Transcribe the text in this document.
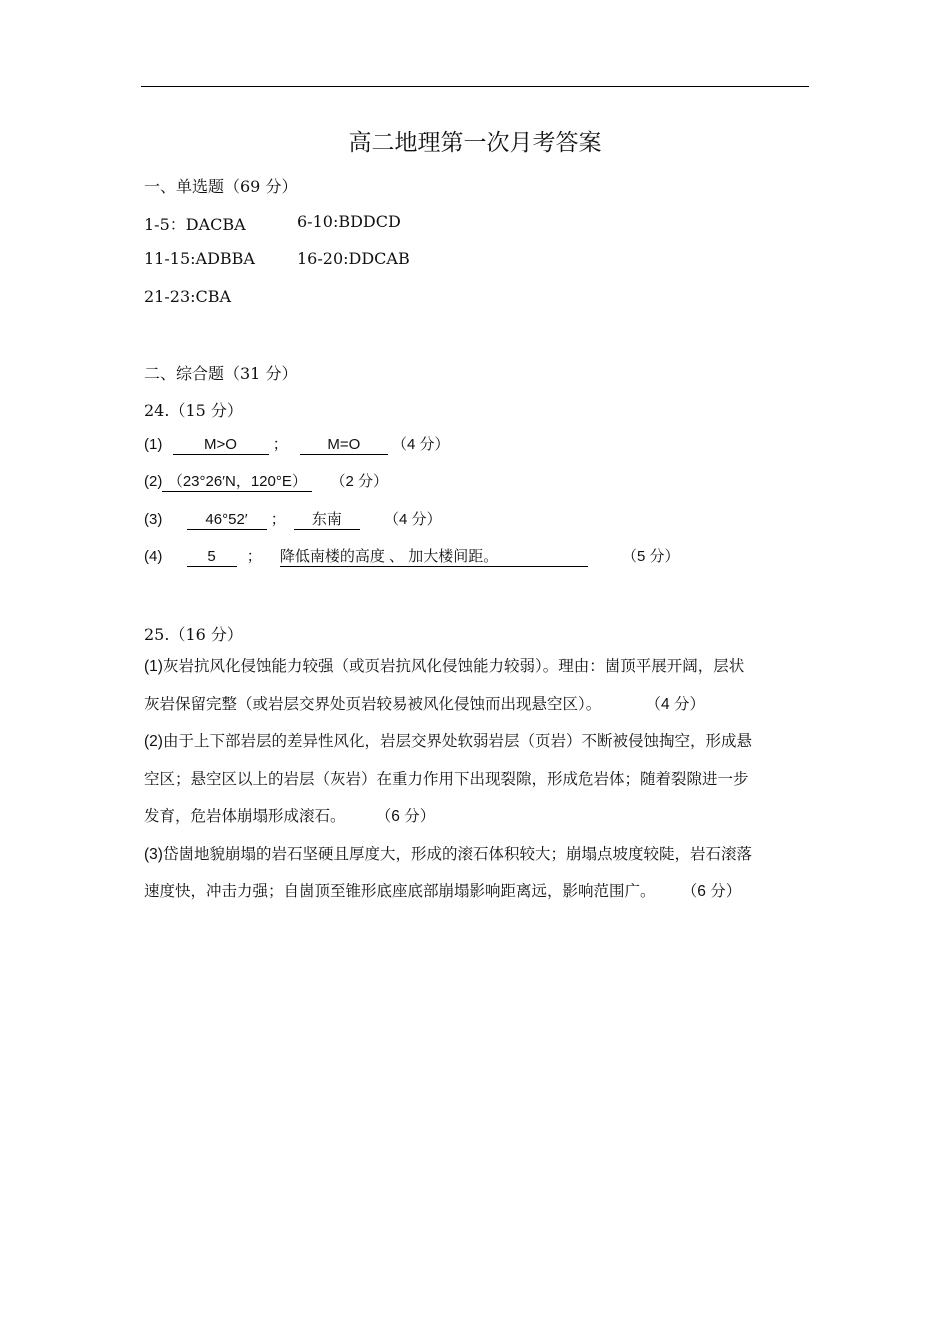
高二地理第一次月考答案
一、单选题（69 分）
1-5：DACBA	6-10:BDDCD
11-15:ADBBA	16-20:DDCAB
21-23:CBA
二、综合题（31 分）
24.（15 分）
(1)	M>O ；	M=O （4 分）
(2) （23°26′N，120°E） （2 分）
(3)	46°52′ ； 东南	（4 分）
(4)	5 ； 降低南楼的高度 、 加大楼间距。	（5 分）
25.（16 分）
(1)灰岩抗风化侵蚀能力较强（或页岩抗风化侵蚀能力较弱）。理由：崮顶平展开阔，层状
灰岩保留完整（或岩层交界处页岩较易被风化侵蚀而出现悬空区）。	（4 分）
(2)由于上下部岩层的差异性风化，岩层交界处软弱岩层（页岩）不断被侵蚀掏空，形成悬
空区；悬空区以上的岩层（灰岩）在重力作用下出现裂隙，形成危岩体；随着裂隙进一步
发育，危岩体崩塌形成滚石。 （6 分）
(3)岱崮地貌崩塌的岩石坚硬且厚度大，形成的滚石体积较大；崩塌点坡度较陡，岩石滚落
速度快，冲击力强；自崮顶至锥形底座底部崩塌影响距离远，影响范围广。 （6 分）
